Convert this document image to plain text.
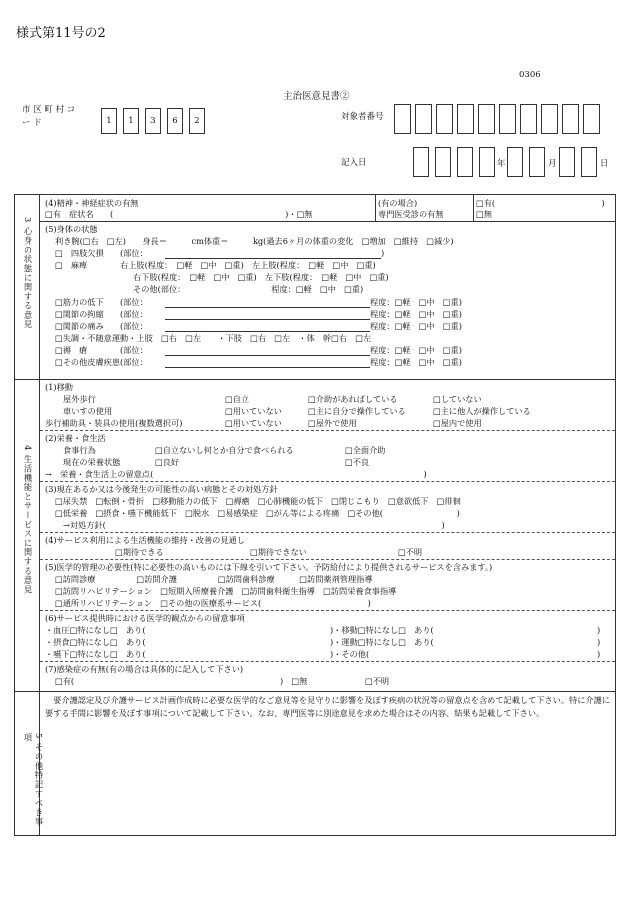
様式第11号の2
0306
主治医意見書②
市 区 町 村 コ ー ド	1	1	3	6	2	対象者番号
記入日	年	月	日
3 心身の状態に関する意見
(4)精神・神経症状の有無
□有　症状名　　(　　　　　　　　　　　　　　　　　　　　　)・□無
(有の場合)
専門医受診の有無
□有(　　　　　　　　　　　　　)
□無
(5)身体の状態
利き腕(□右　□左)　　身長＝　　　cm体重＝　　　kg(過去6ヶ月の体重の変化　□増加　□維持　□減少)
□　四肢欠損　　(部位：	)
□　麻痺　　　　右上肢(程度：　□軽　□中　□重)　左上肢(程度：　□軽　□中　□重)
右下肢(程度：　□軽　□中　□重)　左下肢(程度：　□軽　□中　□重)
その他(部位：　　　　　　　　　　　程度：□軽　□中　□重)
□筋力の低下　　(部位：	程度：□軽　□中　□重)
□関節の拘縮　　(部位：	程度：□軽　□中　□重)
□関節の痛み　　(部位：	程度：□軽　□中　□重)
□失調・不随意運動・上肢　□右　□左　　・下肢　□右　□左　・体　幹□右　□左
□褥　瘡　　　　(部位：	程度：□軽　□中　□重)
□その他皮膚疾患(部位：	程度：□軽　□中　□重)
4 生活機能とサービスに関する意見
(1)移動
屋外歩行	□自立	□介助があればしている	□していない
車いすの使用	□用いていない	□主に自分で操作している	□主に他人が操作している
歩行補助具・装具の使用(複数選択可)	□用いていない	□屋外で使用	□屋内で使用
(2)栄養・食生活
食事行為	□自立ないし何とか自分で食べられる	□全面介助
現在の栄養状態	□良好	□不良
→　栄養・食生活上の留意点(　　　　　　　　　　　　　　　　　　　　　　　　　　　　　　　　　)
(3)現在あるか又は今後発生の可能性の高い病態とその対処方針
□尿失禁　□転倒・骨折　□移動能力の低下　□褥瘡　□心肺機能の低下　□閉じこもり　□意欲低下　□徘徊
□低栄養　□摂食・嚥下機能低下　□脱水　□易感染症　□がん等による疼痛　□その他(　　　　　　　　　)
→対処方針(　　　　　　　　　　　　　　　　　　　　　　　　　　　　　　　　　　　　　　　　　)
(4)サービス利用による生活機能の維持・改善の見通し
□期待できる	□期待できない	□不明
(5)医学的管理の必要性(特に必要性の高いものには下線を引いて下さい。予防給付により提供されるサービスを含みます。)
□訪問診療　　　　　□訪問介護　　　　　□訪問歯科診療　　　□訪問薬剤管理指導
□訪問リハビリテーション　□短期入所療養介護　□訪問歯科衛生指導　□訪問栄養食事指導
□通所リハビリテーション　□その他の医療系サービス(　　　　　　　　　　　　　)
(6)サービス提供時における医学的観点からの留意事項
・血圧□特になし□　あり(	)・移動□特になし□　あり(	)
・摂食□特になし□　あり(	)・運動□特になし□　あり(	)
・嚥下□特になし□　あり(	)・その他(	)
(7)感染症の有無(有の場合は具体的に記入して下さい)
□有(	)　□無	□不明
5 その他特記すべき事項
　要介護認定及び介護サービス計画作成時に必要な医学的なご意見等を見守りに影響を及ぼす疾病の状況等の留意点を含めて記載して下さい。特に介護に要する手間に影響を及ぼす事項について記載して下さい。なお、専門医等に別途意見を求めた場合はその内容、結果も記載して下さい。
